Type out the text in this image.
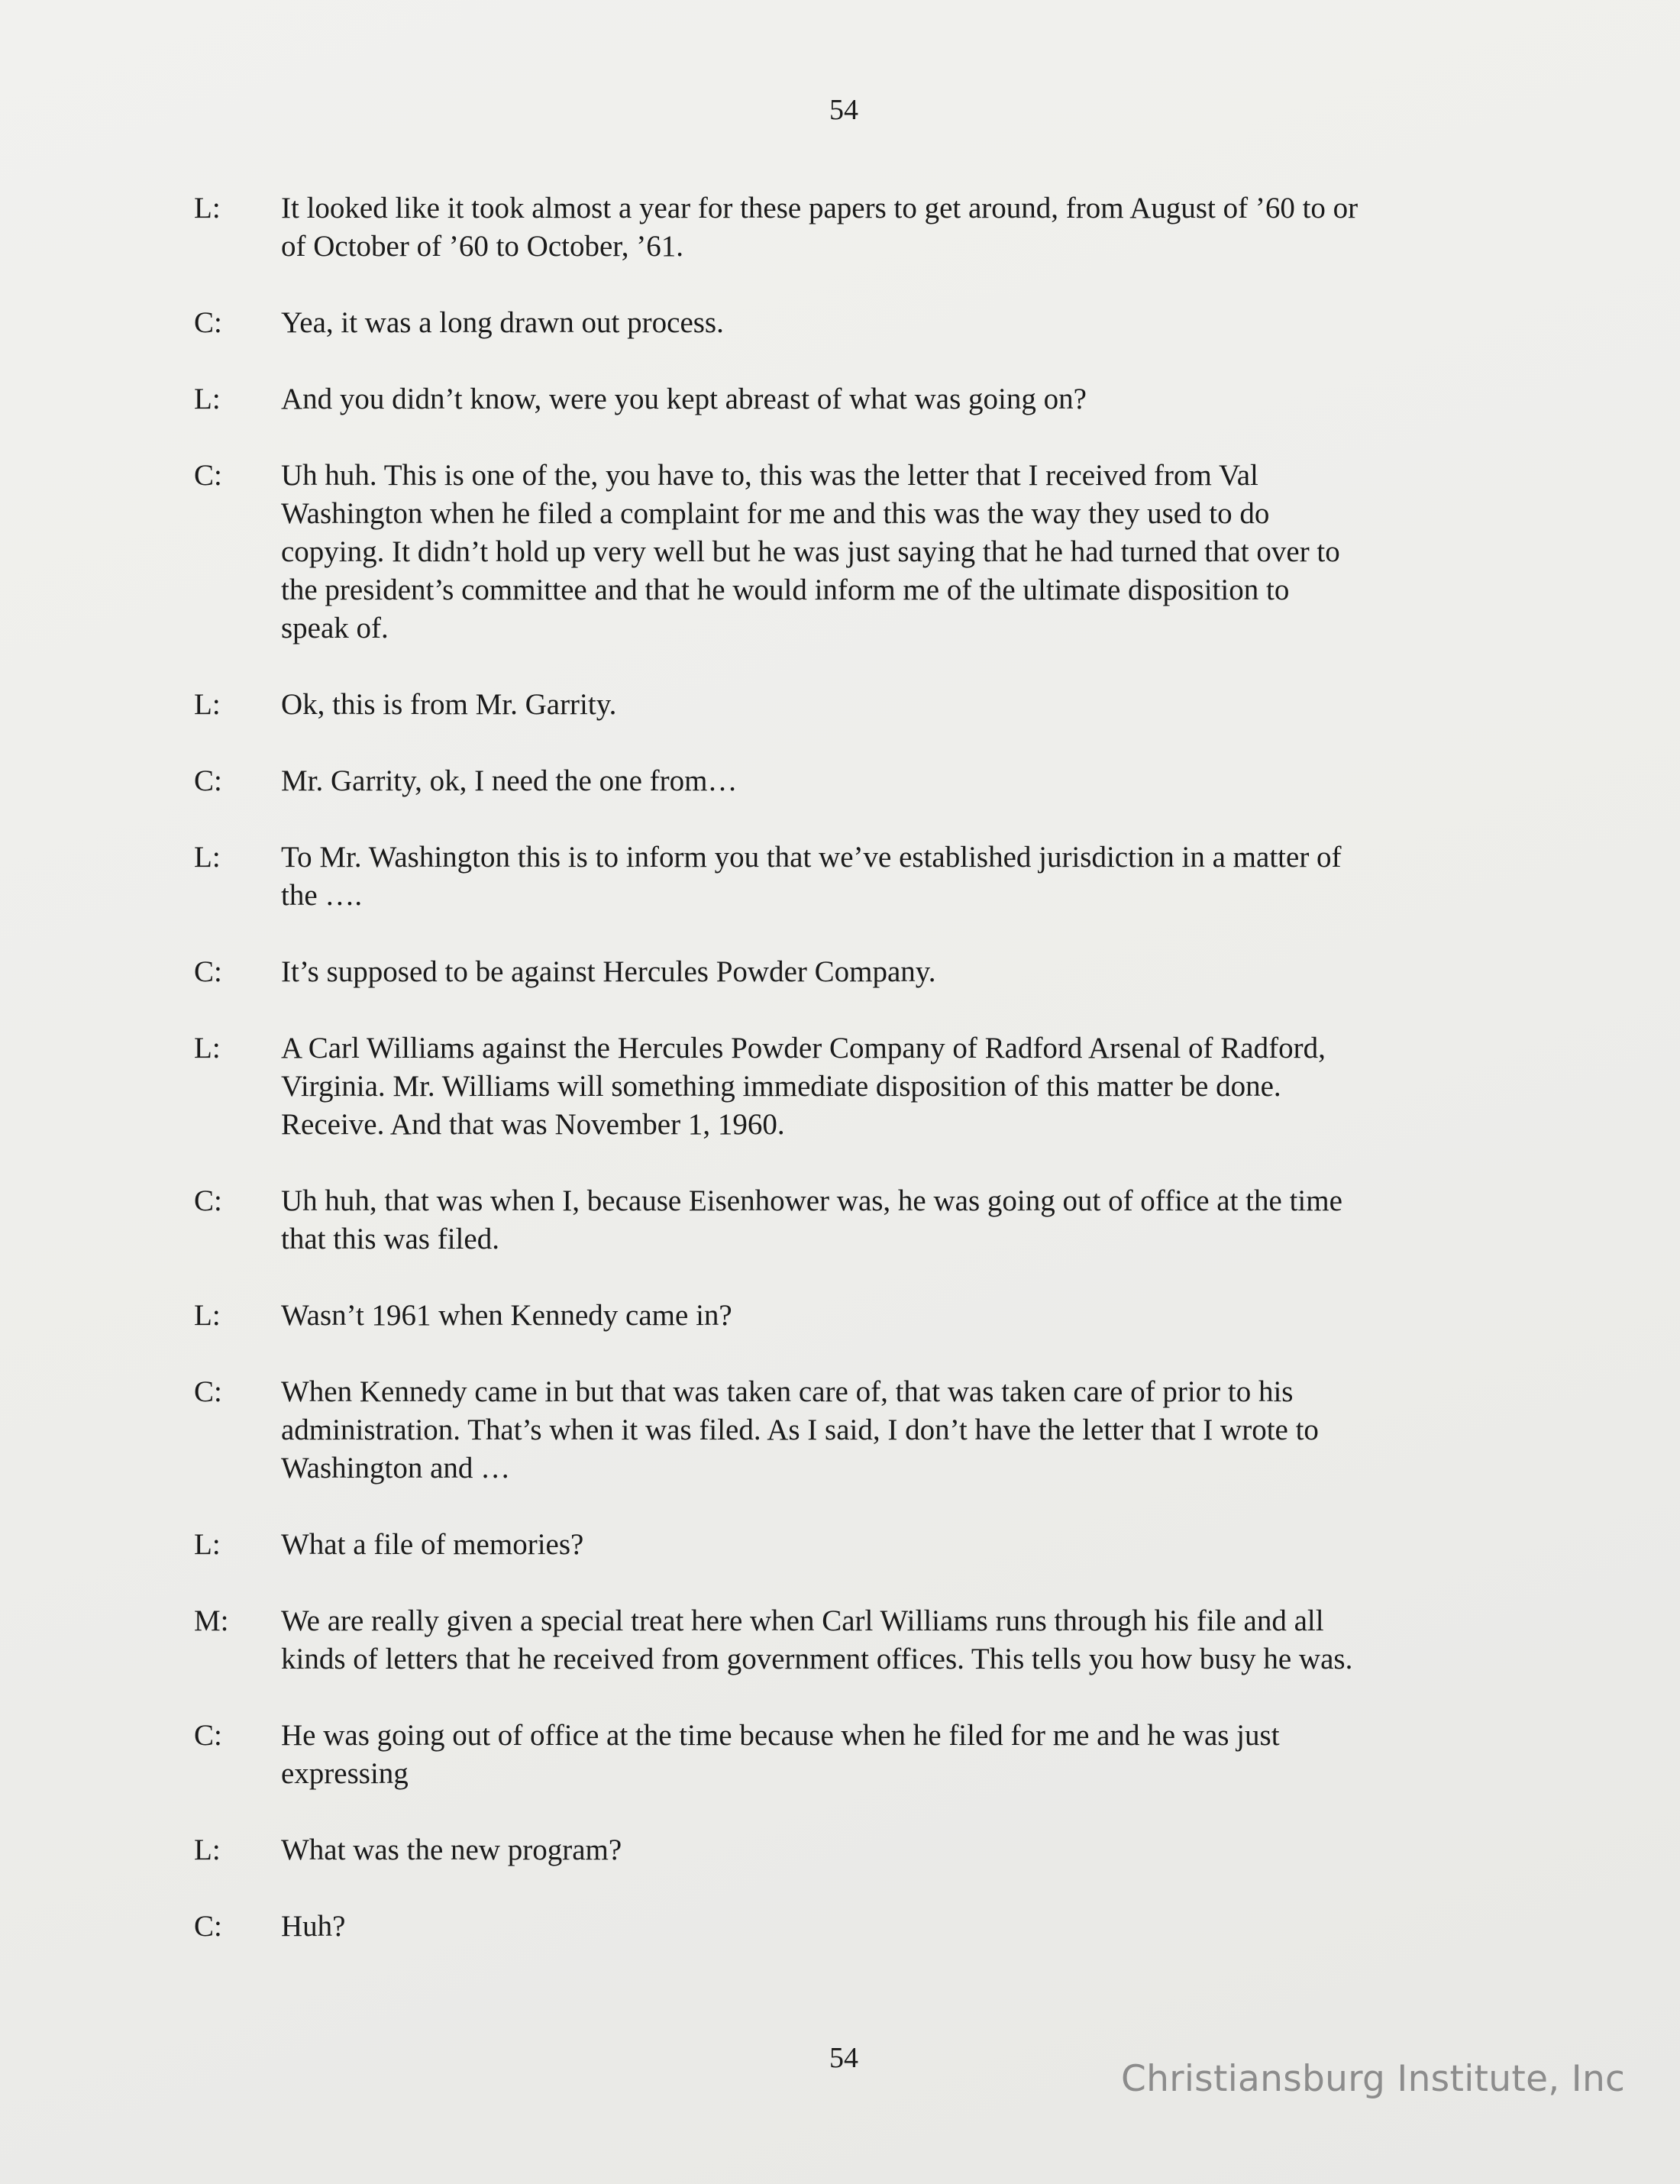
54
L:	It looked like it took almost a year for these papers to get around, from August of ’60 to or
of October of ’60 to October, ’61.
C:	Yea, it was a long drawn out process.
L:	And you didn’t know, were you kept abreast of what was going on?
C:	Uh huh. This is one of the, you have to, this was the letter that I received from Val
Washington when he filed a complaint for me and this was the way they used to do
copying. It didn’t hold up very well but he was just saying that he had turned that over to
the president’s committee and that he would inform me of the ultimate disposition to
speak of.
L:	Ok, this is from Mr. Garrity.
C:	Mr. Garrity, ok, I need the one from…
L:	To Mr. Washington this is to inform you that we’ve established jurisdiction in a matter of
the ….
C:	It’s supposed to be against Hercules Powder Company.
L:	A Carl Williams against the Hercules Powder Company of Radford Arsenal of Radford,
Virginia. Mr. Williams will something immediate disposition of this matter be done.
Receive. And that was November 1, 1960.
C:	Uh huh, that was when I, because Eisenhower was, he was going out of office at the time
that this was filed.
L:	Wasn’t 1961 when Kennedy came in?
C:	When Kennedy came in but that was taken care of, that was taken care of prior to his
administration. That’s when it was filed. As I said, I don’t have the letter that I wrote to
Washington and …
L:	What a file of memories?
M:	We are really given a special treat here when Carl Williams runs through his file and all
kinds of letters that he received from government offices. This tells you how busy he was.
C:	He was going out of office at the time because when he filed for me and he was just
expressing
L:	What was the new program?
C:	Huh?
54	Christiansburg Institute, Inc
